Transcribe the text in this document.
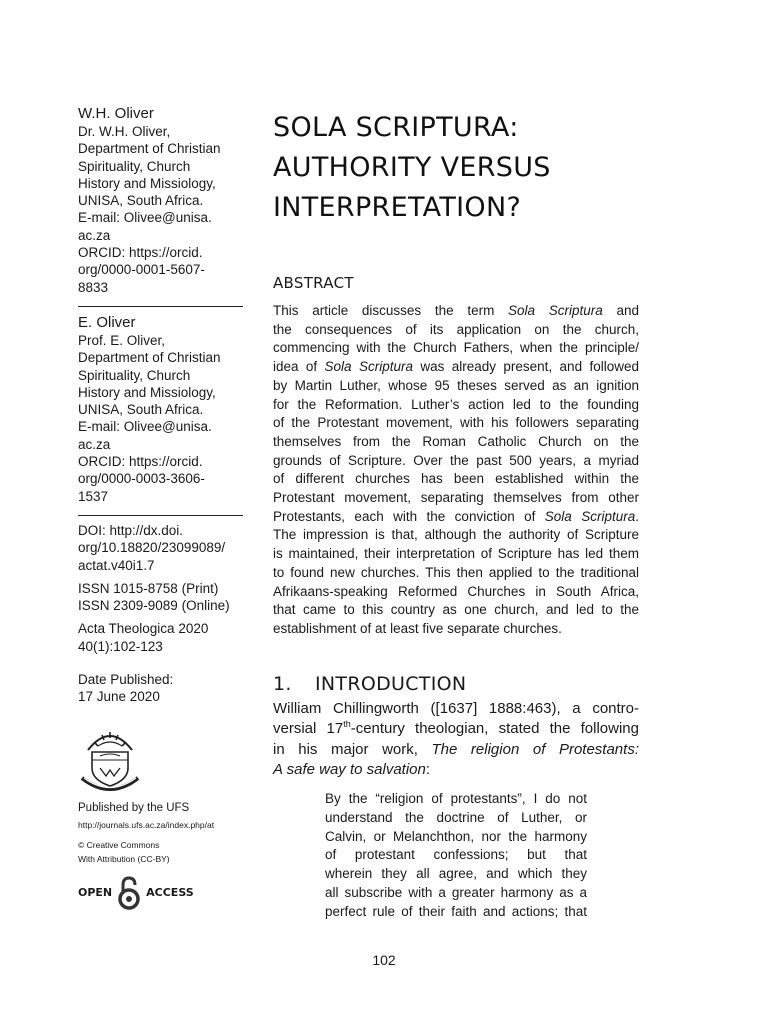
W.H. Oliver
Dr. W.H. Oliver,
Department of Christian
Spirituality, Church
History and Missiology,
UNISA, South Africa.
E-mail: Olivee@unisa.
ac.za
ORCID: https://orcid.
org/0000-0001-5607-
8833
E. Oliver
Prof. E. Oliver,
Department of Christian
Spirituality, Church
History and Missiology,
UNISA, South Africa.
E-mail: Olivee@unisa.
ac.za
ORCID: https://orcid.
org/0000-0003-3606-
1537
DOI: http://dx.doi.
org/10.18820/23099089/
actat.v40i1.7
ISSN 1015-8758 (Print)
ISSN 2309-9089 (Online)
Acta Theologica 2020
40(1):102-123
Date Published:
17 June 2020
Published by the UFS
http://journals.ufs.ac.za/index.php/at
© Creative Commons
With Attribution (CC-BY)
OPEN	ACCESS
SOLA SCRIPTURA:
AUTHORITY VERSUS
INTERPRETATION?
ABSTRACT
This article discusses the term Sola Scriptura and
the consequences of its application on the church,
commencing with the Church Fathers, when the principle/
idea of Sola Scriptura was already present, and followed
by Martin Luther, whose 95 theses served as an ignition
for the Reformation. Luther’s action led to the founding
of the Protestant movement, with his followers separating
themselves from the Roman Catholic Church on the
grounds of Scripture. Over the past 500 years, a myriad
of different churches has been established within the
Protestant movement, separating themselves from other
Protestants, each with the conviction of Sola Scriptura.
The impression is that, although the authority of Scripture
is maintained, their interpretation of Scripture has led them
to found new churches. This then applied to the traditional
Afrikaans-speaking Reformed Churches in South Africa,
that came to this country as one church, and led to the
establishment of at least five separate churches.
1. INTRODUCTION
William Chillingworth ([1637] 1888:463), a contro-
versial 17th-century theologian, stated the following
in his major work, The religion of Protestants:
A safe way to salvation:
By the “religion of protestants”, I do not
understand the doctrine of Luther, or
Calvin, or Melanchthon, nor the harmony
of protestant confessions; but that
wherein they all agree, and which they
all subscribe with a greater harmony as a
perfect rule of their faith and actions; that
102
